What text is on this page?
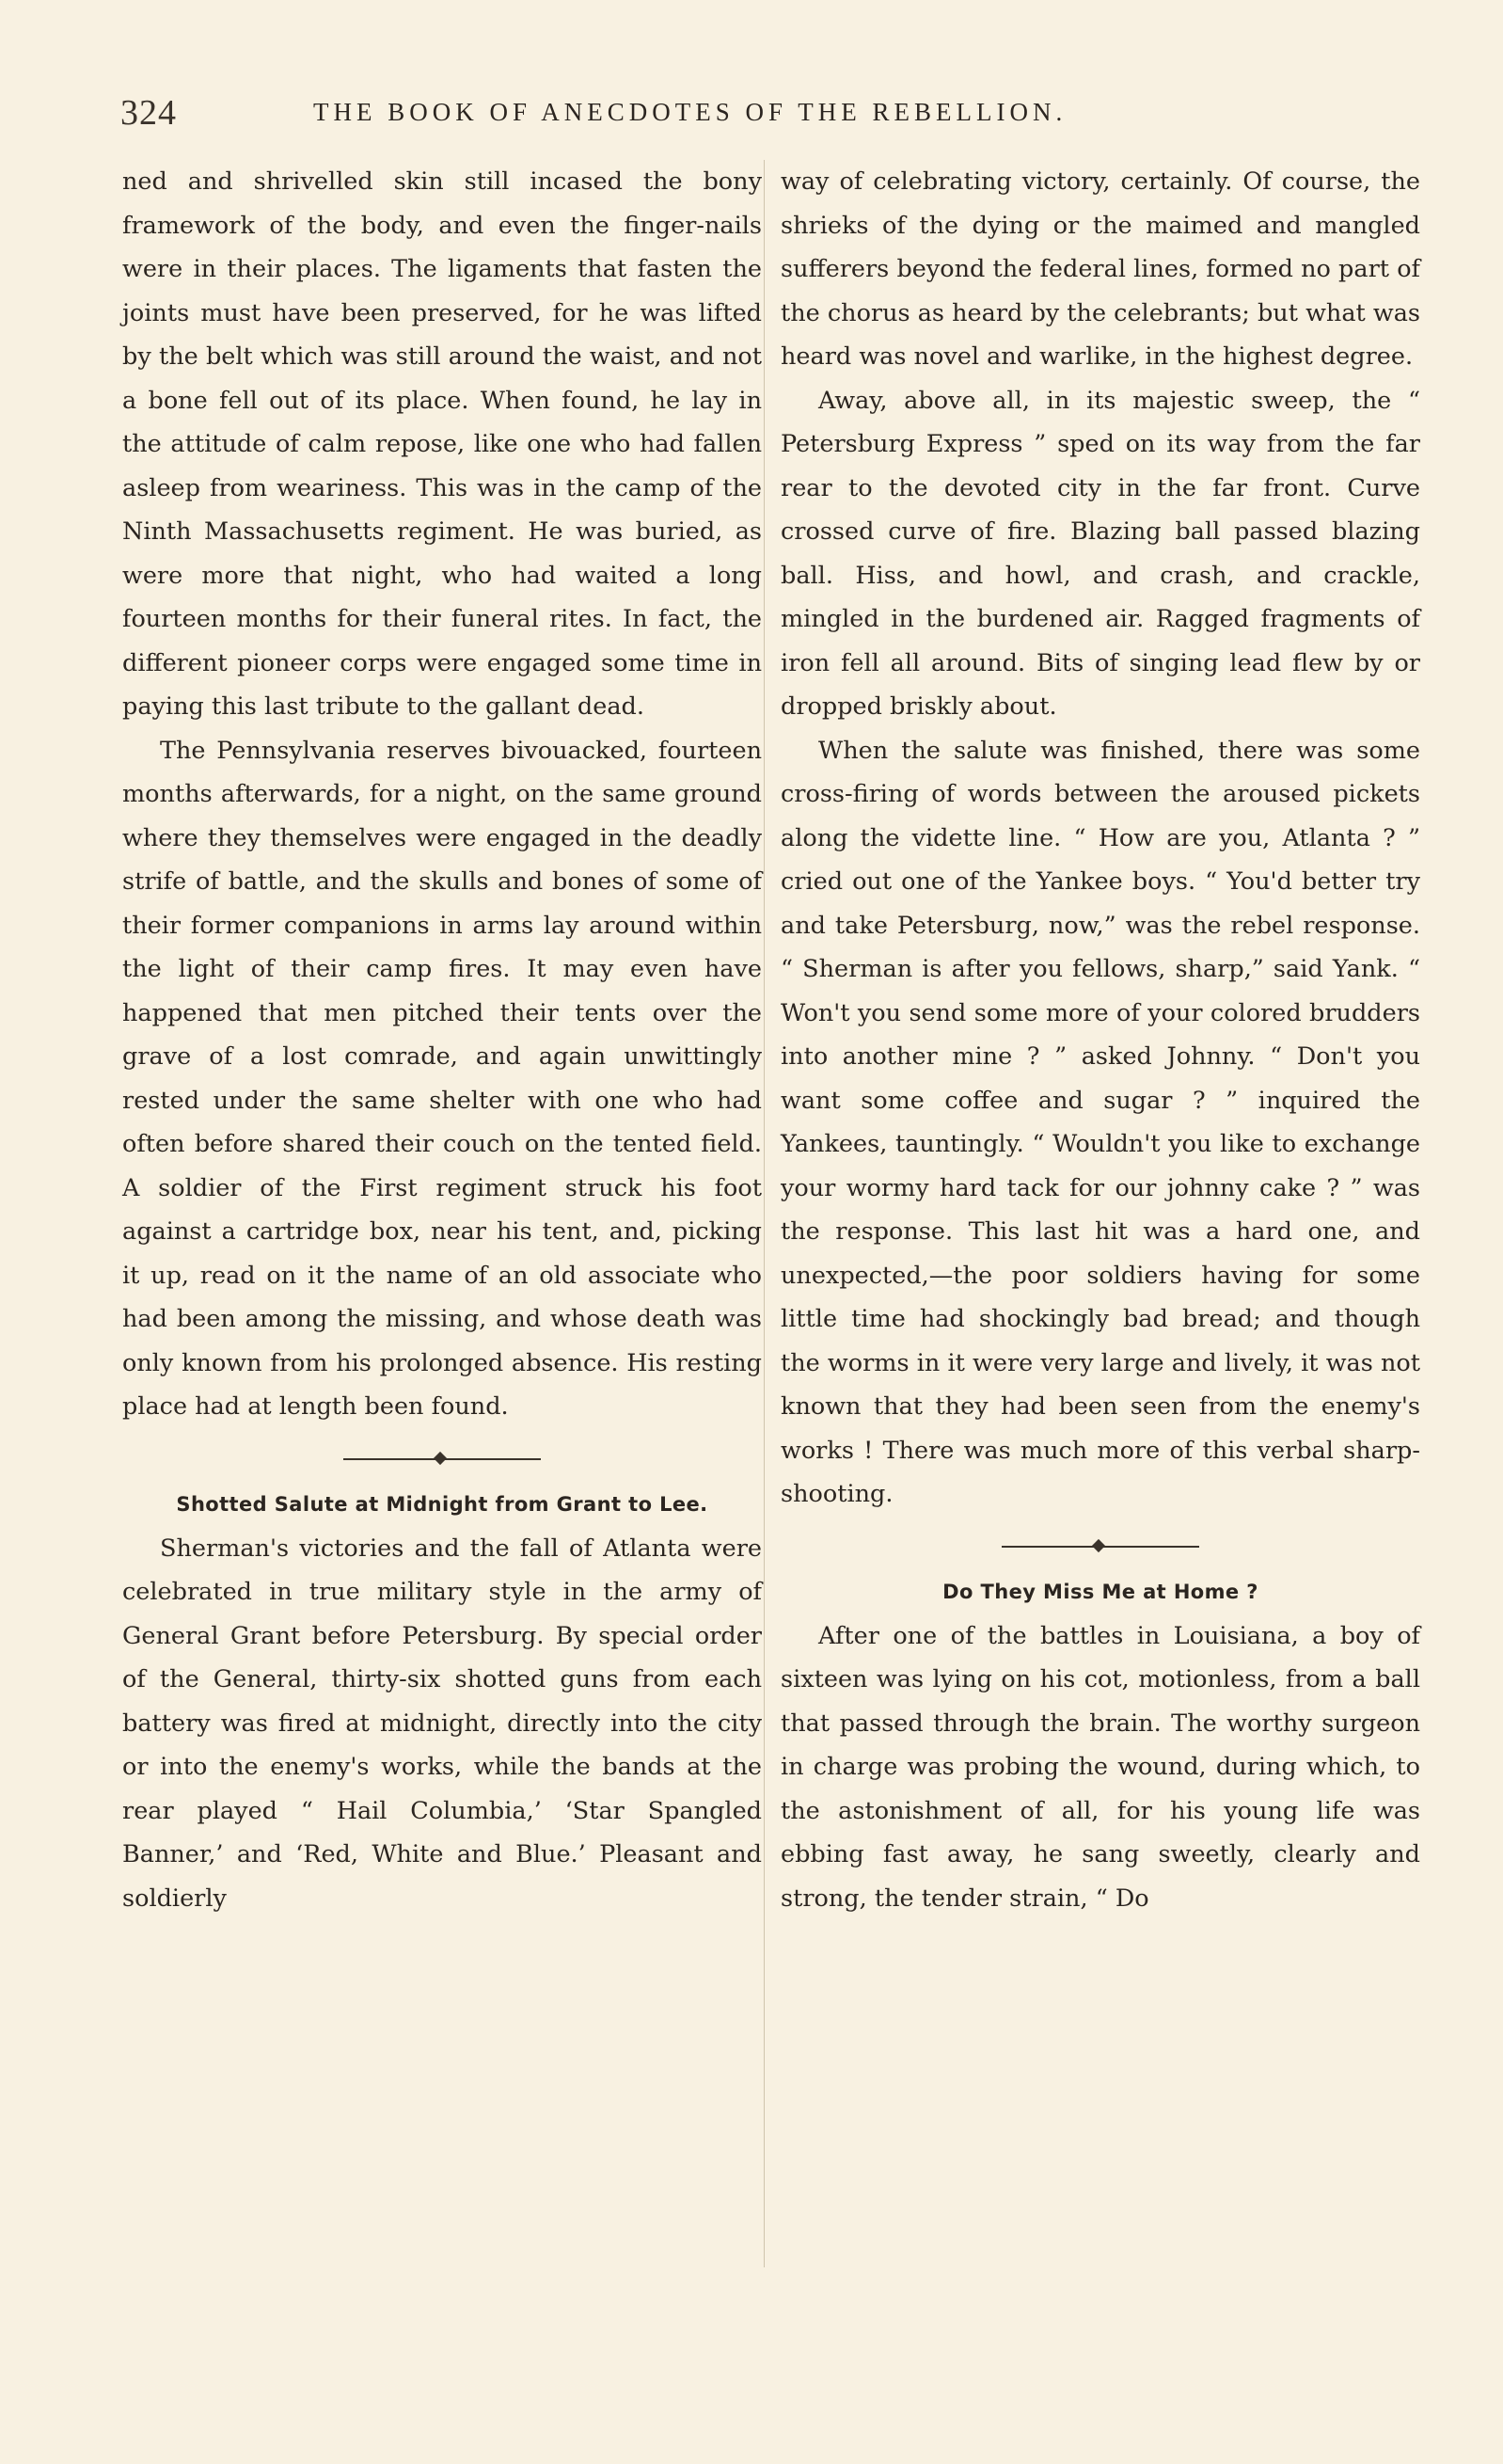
324	THE BOOK OF ANECDOTES OF THE REBELLION.

ned and shrivelled skin still incased the bony framework of the body, and even the finger-nails were in their places. The ligaments that fasten the joints must have been preserved, for he was lifted by the belt which was still around the waist, and not a bone fell out of its place. When found, he lay in the attitude of calm repose, like one who had fallen asleep from weariness. This was in the camp of the Ninth Massachusetts regiment. He was buried, as were more that night, who had waited a long fourteen months for their funeral rites. In fact, the different pioneer corps were engaged some time in paying this last tribute to the gallant dead.

The Pennsylvania reserves bivouacked, fourteen months afterwards, for a night, on the same ground where they themselves were engaged in the deadly strife of battle, and the skulls and bones of some of their former companions in arms lay around within the light of their camp fires. It may even have happened that men pitched their tents over the grave of a lost comrade, and again unwittingly rested under the same shelter with one who had often before shared their couch on the tented field. A soldier of the First regiment struck his foot against a cartridge box, near his tent, and, picking it up, read on it the name of an old associate who had been among the missing, and whose death was only known from his prolonged absence. His resting place had at length been found.

Shotted Salute at Midnight from Grant to Lee.

Sherman's victories and the fall of Atlanta were celebrated in true military style in the army of General Grant before Petersburg. By special order of the General, thirty-six shotted guns from each battery was fired at midnight, directly into the city or into the enemy's works, while the bands at the rear played “ Hail Columbia,’ ‘Star Spangled Banner,’ and ‘Red, White and Blue.’ Pleasant and soldierly

way of celebrating victory, certainly. Of course, the shrieks of the dying or the maimed and mangled sufferers beyond the federal lines, formed no part of the chorus as heard by the celebrants; but what was heard was novel and warlike, in the highest degree.

Away, above all, in its majestic sweep, the “ Petersburg Express ” sped on its way from the far rear to the devoted city in the far front. Curve crossed curve of fire. Blazing ball passed blazing ball. Hiss, and howl, and crash, and crackle, mingled in the burdened air. Ragged fragments of iron fell all around. Bits of singing lead flew by or dropped briskly about.

When the salute was finished, there was some cross-firing of words between the aroused pickets along the vidette line. “ How are you, Atlanta ? ” cried out one of the Yankee boys. “ You'd better try and take Petersburg, now,” was the rebel response. “ Sherman is after you fellows, sharp,” said Yank. “ Won't you send some more of your colored brudders into another mine ? ” asked Johnny. “ Don't you want some coffee and sugar ? ” inquired the Yankees, tauntingly. “ Wouldn't you like to exchange your wormy hard tack for our johnny cake ? ” was the response. This last hit was a hard one, and unexpected,—the poor soldiers having for some little time had shockingly bad bread; and though the worms in it were very large and lively, it was not known that they had been seen from the enemy's works ! There was much more of this verbal sharp-shooting.

Do They Miss Me at Home ?

After one of the battles in Louisiana, a boy of sixteen was lying on his cot, motionless, from a ball that passed through the brain. The worthy surgeon in charge was probing the wound, during which, to the astonishment of all, for his young life was ebbing fast away, he sang sweetly, clearly and strong, the tender strain, “ Do
